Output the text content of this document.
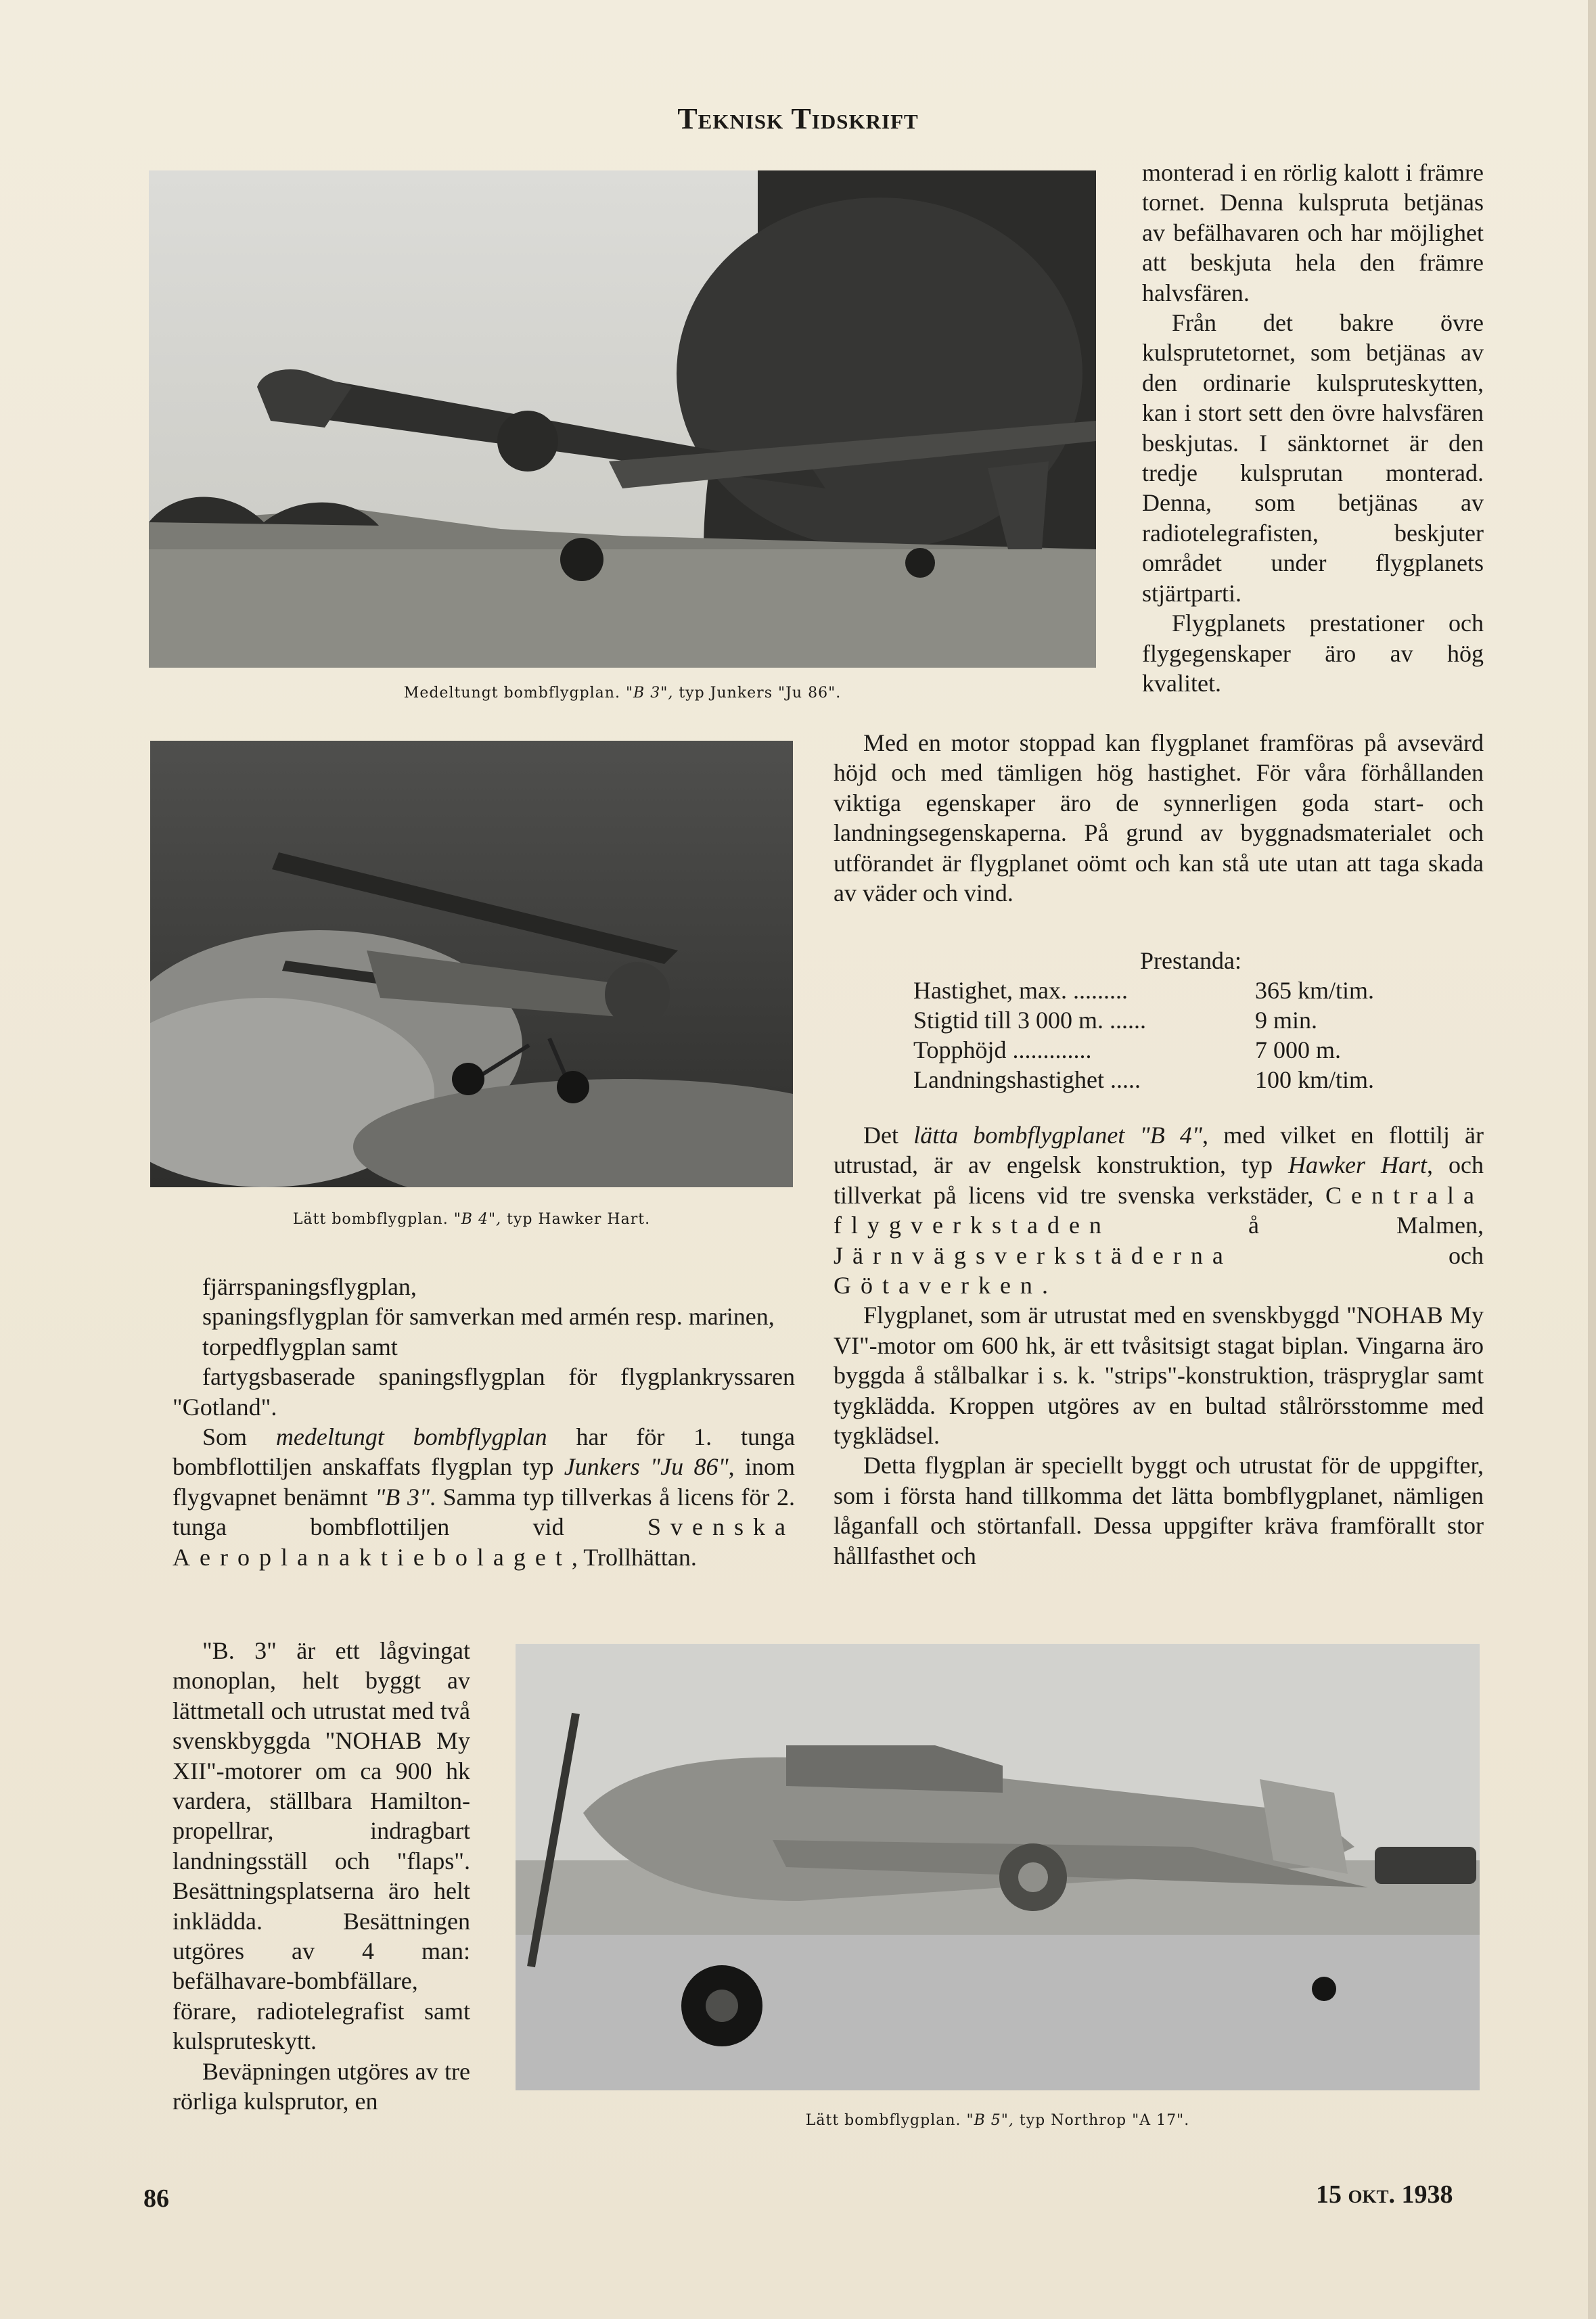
Teknisk Tidskrift
Medeltungt bombflygplan. "B 3", typ Junkers "Ju 86".
Lätt bombflygplan. "B 4", typ Hawker Hart.
Lätt bombflygplan. "B 5", typ Northrop "A 17".

monterad i en rörlig kalott i främre tornet. Denna kulspruta betjänas av befälhavaren och har möjlighet att beskjuta hela den främre halvsfären.

Från det bakre övre kulsprutetornet, som betjänas av den ordinarie kulspruteskytten, kan i stort sett den övre halvsfären beskjutas. I sänktornet är den tredje kulsprutan monterad. Denna, som betjänas av radiotelegrafisten, beskjuter området under flygplanets stjärtparti.

Flygplanets prestationer och flygegenskaper äro av hög kvalitet.

Med en motor stoppad kan flygplanet framföras på avsevärd höjd och med tämligen hög hastighet. För våra förhållanden viktiga egenskaper äro de synnerligen goda start- och landningsegenskaperna. På grund av byggnadsmaterialet och utförandet är flygplanet oömt och kan stå ute utan att taga skada av väder och vind.

Prestanda:
Hastighet, max. .........	365 km/tim.
Stigtid till 3 000 m. ......	9 min.
Topphöjd .............	7 000 m.
Landningshastighet .....	100 km/tim.

Det lätta bombflygplanet "B 4", med vilket en flottilj är utrustad, är av engelsk konstruktion, typ Hawker Hart, och tillverkat på licens vid tre svenska verkstäder, Centrala flygverkstaden å Malmen, Järnvägsverkstäderna och Götaverken.

Flygplanet, som är utrustat med en svenskbyggd "NOHAB My VI"-motor om 600 hk, är ett tvåsitsigt stagat biplan. Vingarna äro byggda å stålbalkar i s. k. "strips"-konstruktion, träspryglar samt tygklädda. Kroppen utgöres av en bultad stålrörsstomme med tygklädsel.

Detta flygplan är speciellt byggt och utrustat för de uppgifter, som i första hand tillkomma det lätta bombflygplanet, nämligen låganfall och störtanfall. Dessa uppgifter kräva framförallt stor hållfasthet och

fjärrspaningsflygplan,

spaningsflygplan för samverkan med armén resp. marinen,

torpedflygplan samt

fartygsbaserade spaningsflygplan för flygplankryssaren "Gotland".

Som medeltungt bombflygplan har för 1. tunga bombflottiljen anskaffats flygplan typ Junkers "Ju 86", inom flygvapnet benämnt "B 3". Samma typ tillverkas å licens för 2. tunga bombflottiljen vid Svenska Aeroplanaktiebolaget, Trollhättan.

"B. 3" är ett lågvingat monoplan, helt byggt av lättmetall och utrustat med två svenskbyggda "NOHAB My XII"-motorer om ca 900 hk vardera, ställbara Hamilton-propellrar, indragbart landningsställ och "flaps". Besättningsplatserna äro helt inklädda. Besättningen utgöres av 4 man: befälhavare-bombfällare, förare, radiotelegrafist samt kulspruteskytt.

Beväpningen utgöres av tre rörliga kulsprutor, en

86	15 okt. 1938
